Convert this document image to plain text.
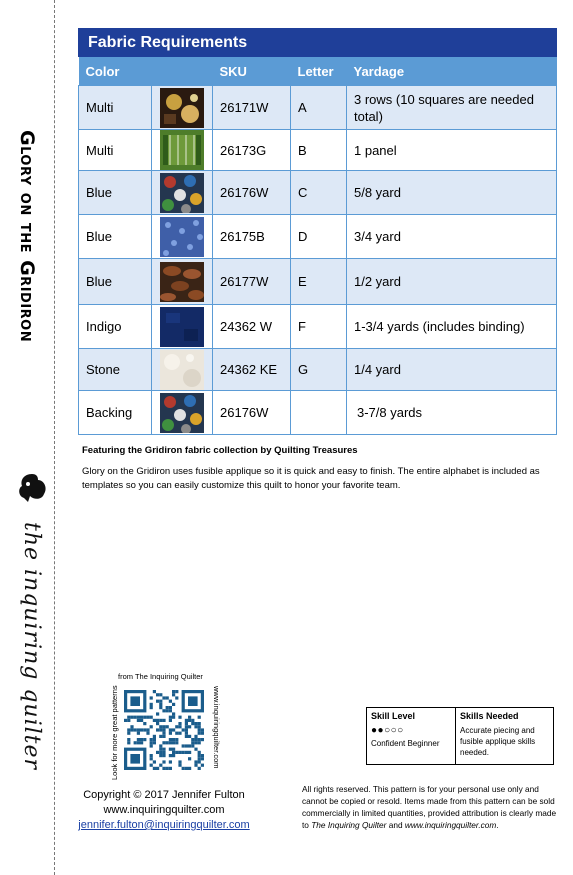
Glory on the Gridiron
the inquiring quilter
Fabric Requirements				
Color		SKU	Letter	Yardage
Multi		26171W	A	3 rows (10 squares are needed total)
Multi		26173G	B	1 panel
Blue		26176W	C	5/8 yard
Blue		26175B	D	3/4 yard
Blue		26177W	E	1/2 yard
Indigo		24362 W	F	1-3/4 yards (includes binding)
Stone		24362 KE	G	1/4 yard
Backing		26176W		3-7/8 yards
Featuring the Gridiron fabric collection by Quilting Treasures
Glory on the Gridiron uses fusible applique so it is quick and easy to finish. The entire alphabet is included as templates so you can easily customize this quilt to honor your favorite team.
from The Inquiring Quilter
Look for more great patterns	www.inquiringquilter.com
Copyright © 2017 Jennifer Fulton
www.inquiringquilter.com
jennifer.fulton@inquiringquilter.com
Skill Level
●●○○○
Confident Beginner
Skills Needed
Accurate piecing and fusible applique skills needed.
All rights reserved. This pattern is for your personal use only and cannot be copied or resold. Items made from this pattern can be sold commercially in limited quantities, provided attribution is clearly made to The Inquiring Quilter and www.inquiringquilter.com.
